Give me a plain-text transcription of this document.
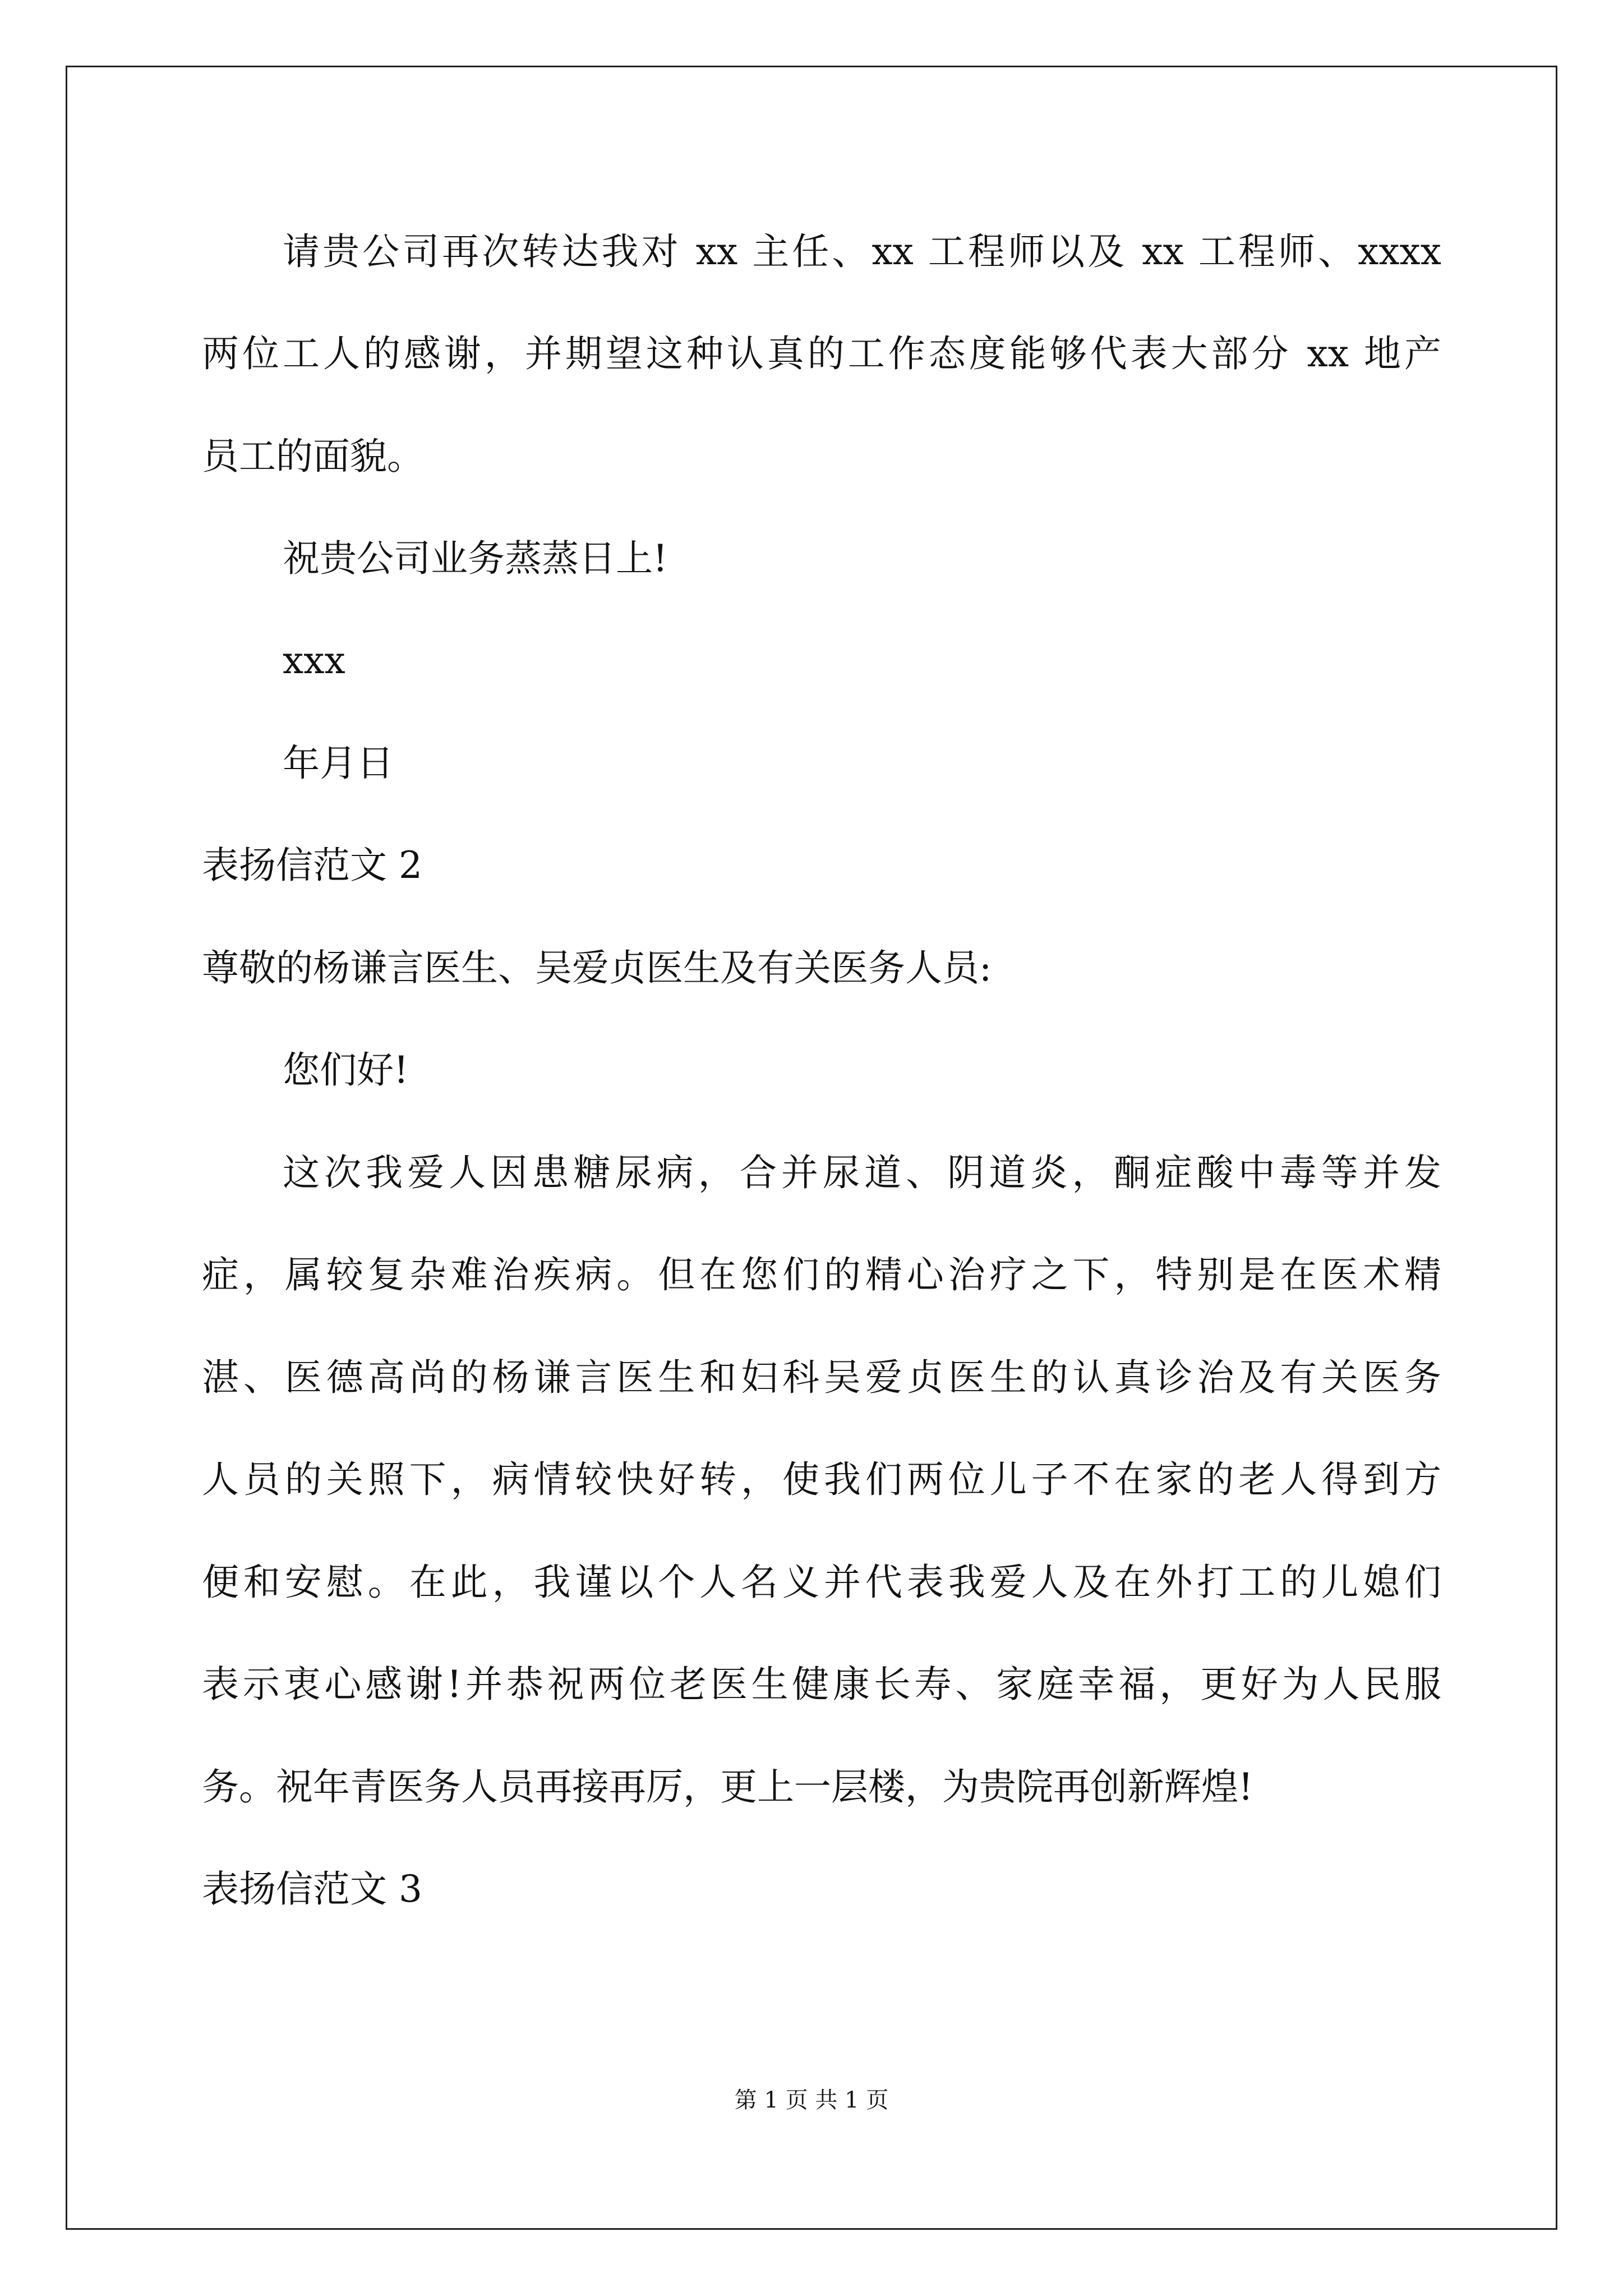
请贵公司再次转达我对 xx 主任、xx 工程师以及 xx 工程师、xxxx
两位工人的感谢，并期望这种认真的工作态度能够代表大部分 xx 地产
员工的面貌。
祝贵公司业务蒸蒸日上!
xxx
年月日
表扬信范文 2
尊敬的杨谦言医生、吴爱贞医生及有关医务人员:
您们好!
这次我爱人因患糖尿病，合并尿道、阴道炎，酮症酸中毒等并发
症，属较复杂难治疾病。但在您们的精心治疗之下，特别是在医术精
湛、医德高尚的杨谦言医生和妇科吴爱贞医生的认真诊治及有关医务
人员的关照下，病情较快好转，使我们两位儿子不在家的老人得到方
便和安慰。在此，我谨以个人名义并代表我爱人及在外打工的儿媳们
表示衷心感谢!并恭祝两位老医生健康长寿、家庭幸福，更好为人民服
务。祝年青医务人员再接再厉，更上一层楼，为贵院再创新辉煌!
表扬信范文 3
第 1 页 共 1 页
